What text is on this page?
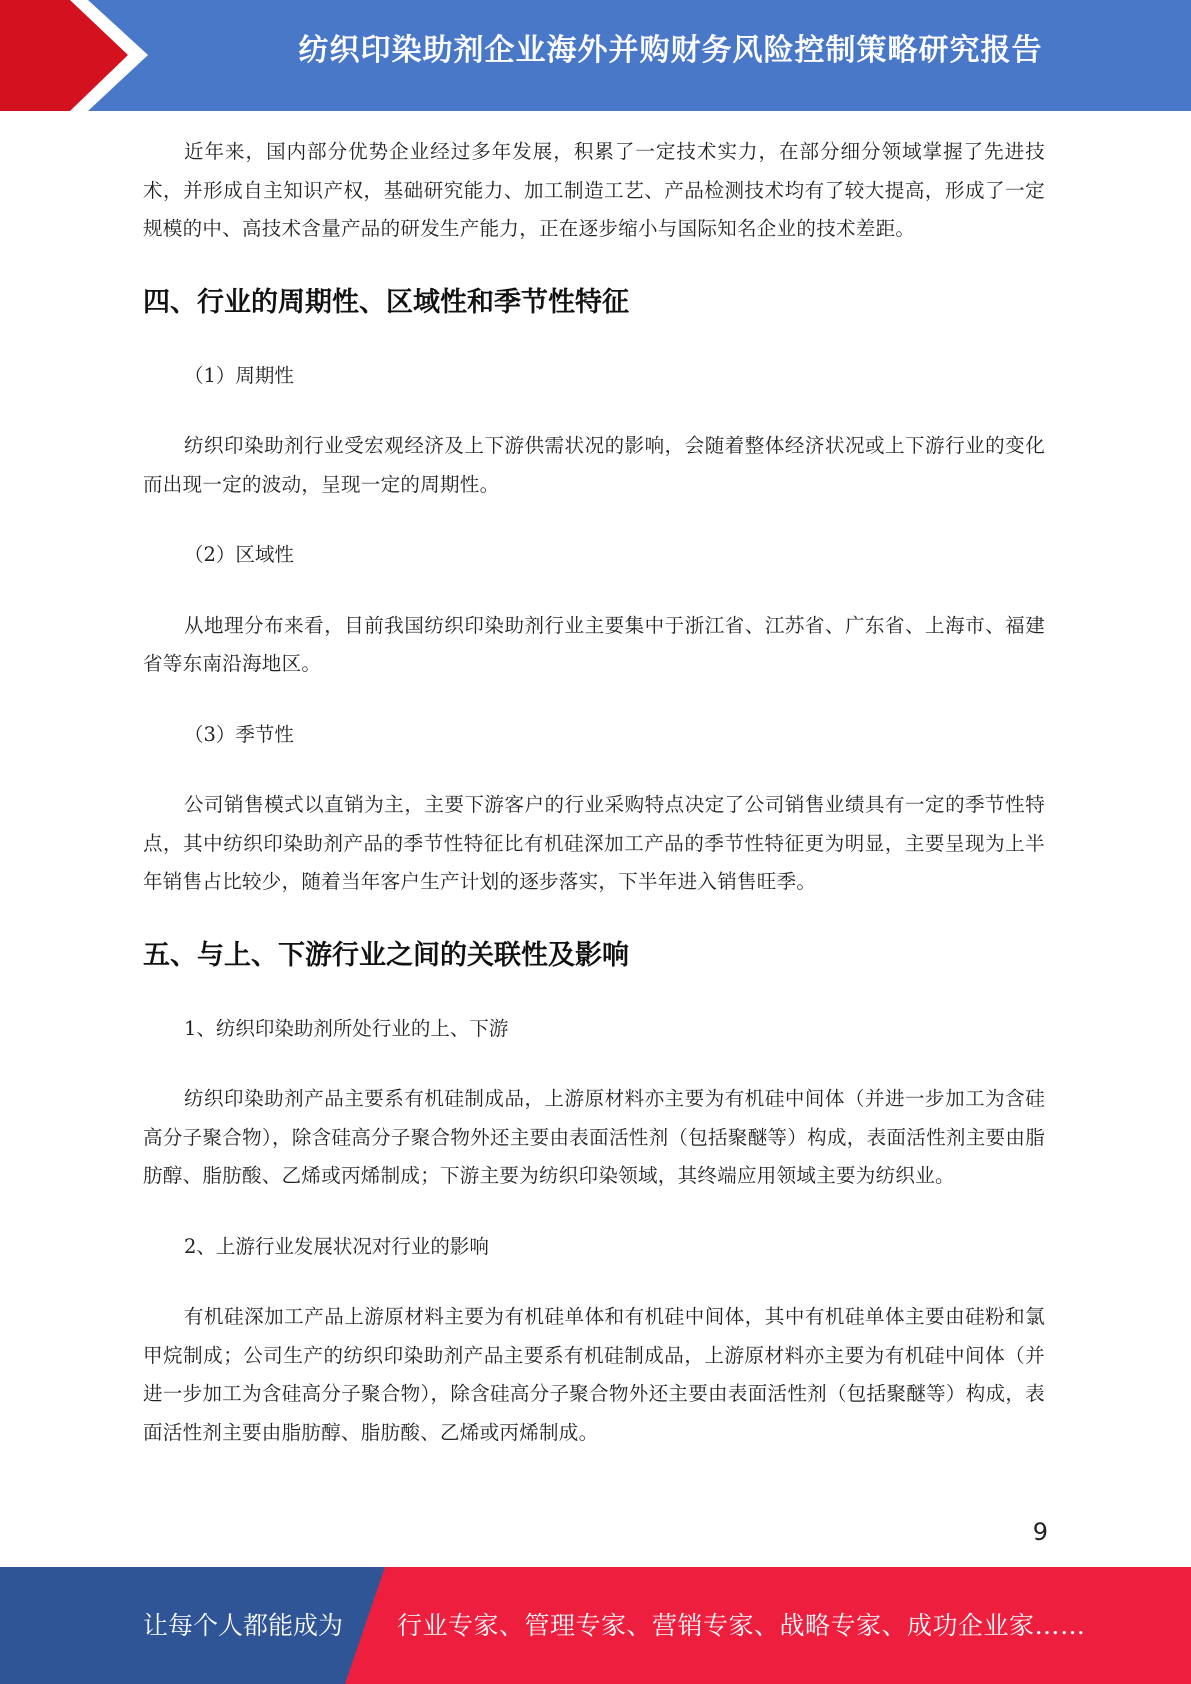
纺织印染助剂企业海外并购财务风险控制策略研究报告

近年来，国内部分优势企业经过多年发展，积累了一定技术实力，在部分细分领域掌握了先进技术，并形成自主知识产权，基础研究能力、加工制造工艺、产品检测技术均有了较大提高，形成了一定规模的中、高技术含量产品的研发生产能力，正在逐步缩小与国际知名企业的技术差距。

四、行业的周期性、区域性和季节性特征

（1）周期性

纺织印染助剂行业受宏观经济及上下游供需状况的影响，会随着整体经济状况或上下游行业的变化而出现一定的波动，呈现一定的周期性。

（2）区域性

从地理分布来看，目前我国纺织印染助剂行业主要集中于浙江省、江苏省、广东省、上海市、福建省等东南沿海地区。

（3）季节性

公司销售模式以直销为主，主要下游客户的行业采购特点决定了公司销售业绩具有一定的季节性特点，其中纺织印染助剂产品的季节性特征比有机硅深加工产品的季节性特征更为明显，主要呈现为上半年销售占比较少，随着当年客户生产计划的逐步落实，下半年进入销售旺季。

五、与上、下游行业之间的关联性及影响

1、纺织印染助剂所处行业的上、下游

纺织印染助剂产品主要系有机硅制成品，上游原材料亦主要为有机硅中间体（并进一步加工为含硅高分子聚合物），除含硅高分子聚合物外还主要由表面活性剂（包括聚醚等）构成，表面活性剂主要由脂肪醇、脂肪酸、乙烯或丙烯制成；下游主要为纺织印染领域，其终端应用领域主要为纺织业。

2、上游行业发展状况对行业的影响

有机硅深加工产品上游原材料主要为有机硅单体和有机硅中间体，其中有机硅单体主要由硅粉和氯甲烷制成；公司生产的纺织印染助剂产品主要系有机硅制成品，上游原材料亦主要为有机硅中间体（并进一步加工为含硅高分子聚合物），除含硅高分子聚合物外还主要由表面活性剂（包括聚醚等）构成，表面活性剂主要由脂肪醇、脂肪酸、乙烯或丙烯制成。

9
让每个人都能成为 行业专家、管理专家、营销专家、战略专家、成功企业家……
